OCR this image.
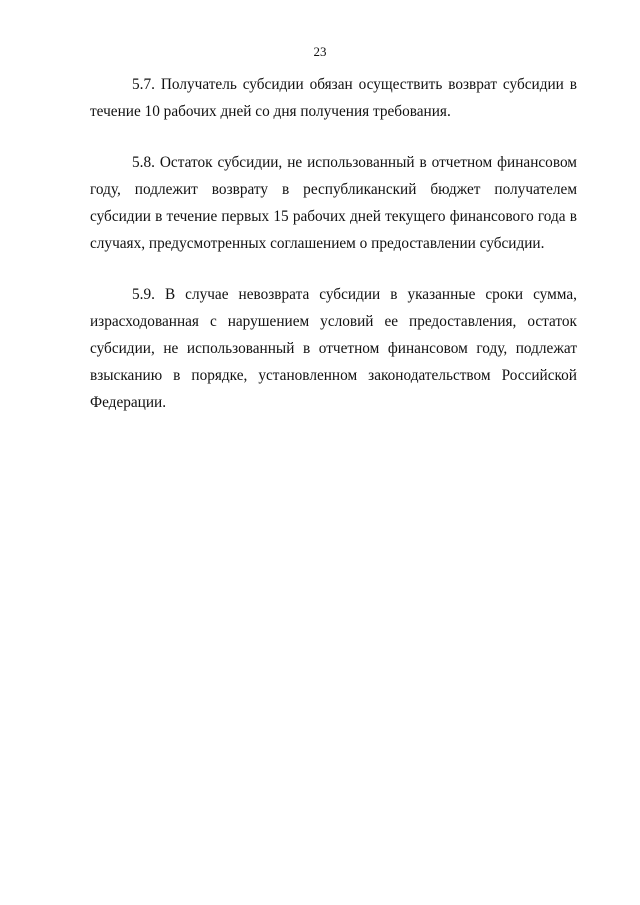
23

5.7. Получатель субсидии обязан осуществить возврат субсидии в течение 10 рабочих дней со дня получения требования.

5.8. Остаток субсидии, не использованный в отчетном финансовом году, подлежит возврату в республиканский бюджет получателем субсидии в течение первых 15 рабочих дней текущего финансового года в случаях, предусмотренных соглашением о предоставлении субсидии.

5.9. В случае невозврата субсидии в указанные сроки сумма, израсходованная с нарушением условий ее предоставления, остаток субсидии, не использованный в отчетном финансовом году, подлежат взысканию в порядке, установленном законодательством Российской Федерации.
